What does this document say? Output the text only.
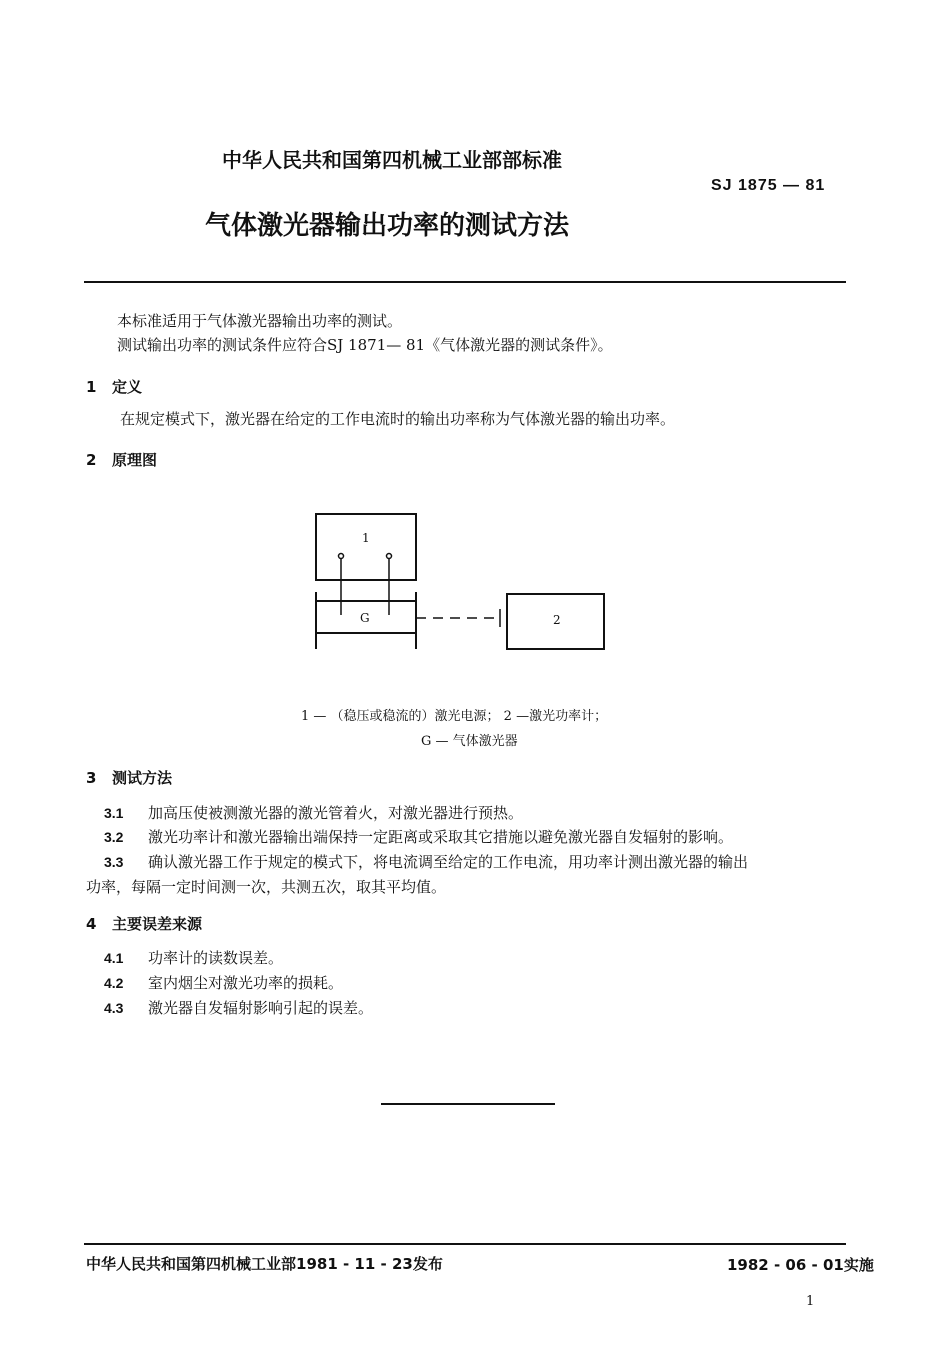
中华人民共和国第四机械工业部部标准
SJ 1875 — 81
气体激光器输出功率的测试方法
本标准适用于气体激光器输出功率的测试。
测试输出功率的测试条件应符合SJ 1871— 81《气体激光器的测试条件》。
1 定义
在规定模式下，激光器在给定的工作电流时的输出功率称为气体激光器的输出功率。
2 原理图
1
G	2
1 — （稳压或稳流的）激光电源； 2 —激光功率计；
G — 气体激光器
3 测试方法
3.1 加高压使被测激光器的激光管着火，对激光器进行预热。
3.2 激光功率计和激光器输出端保持一定距离或采取其它措施以避免激光器自发辐射的影响。
3.3 确认激光器工作于规定的模式下，将电流调至给定的工作电流，用功率计测出激光器的输出
功率，每隔一定时间测一次，共测五次，取其平均值。
4 主要误差来源
4.1 功率计的读数误差。
4.2 室内烟尘对激光功率的损耗。
4.3 激光器自发辐射影响引起的误差。
中华人民共和国第四机械工业部1981 - 11 - 23发布	1982 - 06 - 01实施
1
